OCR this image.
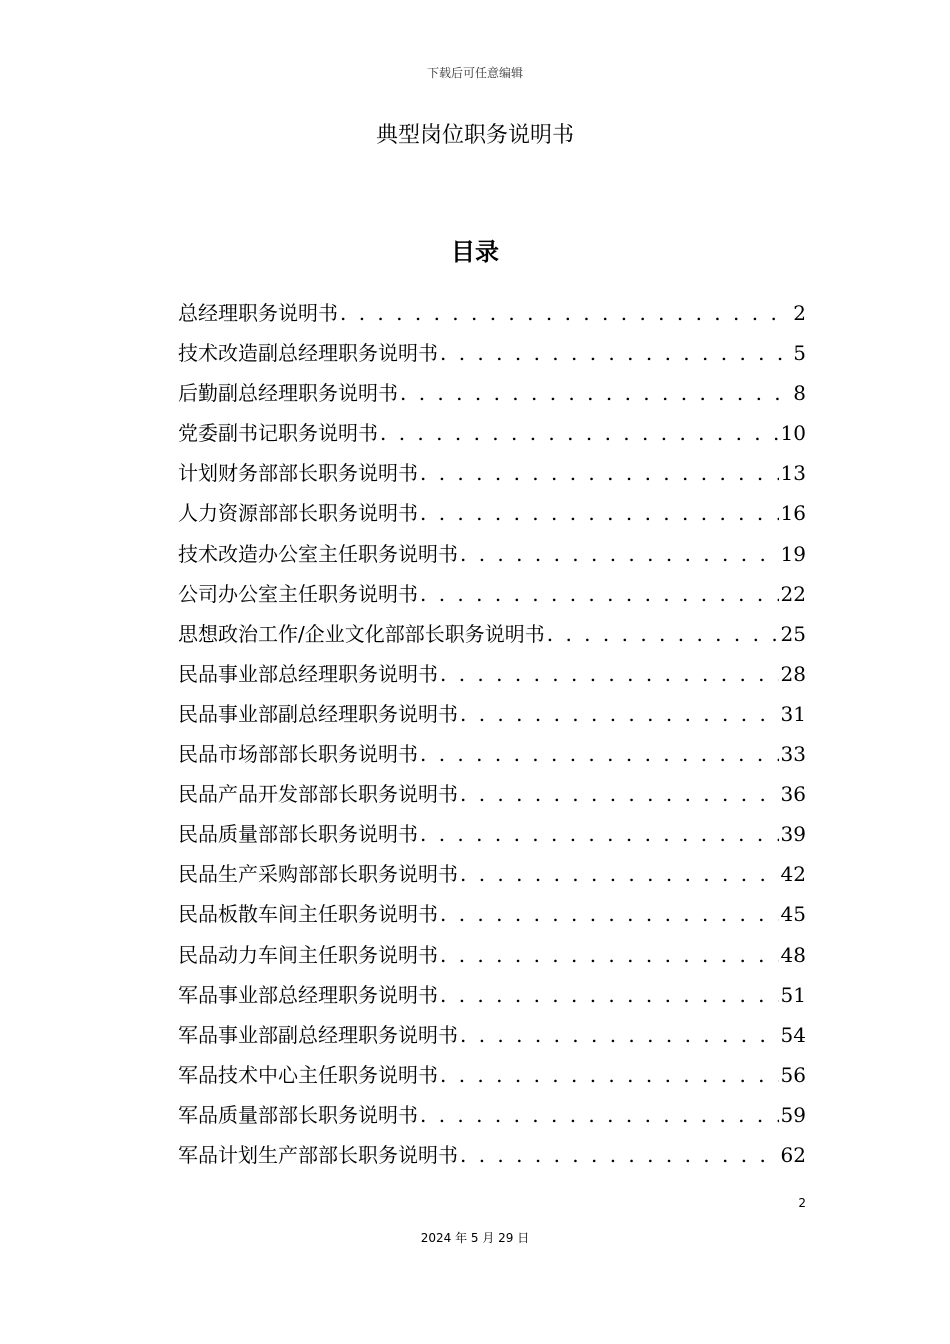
下载后可任意编辑
典型岗位职务说明书
目录
总经理职务说明书 . . .	2
技术改造副总经理职务说明书 . . .	5
后勤副总经理职务说明书 . . .	8
党委副书记职务说明书 . . .	10
计划财务部部长职务说明书 . . .	13
人力资源部部长职务说明书 . . .	16
技术改造办公室主任职务说明书 . . .	19
公司办公室主任职务说明书 . . .	22
思想政治工作/企业文化部部长职务说明书 . . .	25
民品事业部总经理职务说明书 . . .	28
民品事业部副总经理职务说明书 . . .	31
民品市场部部长职务说明书 . . .	33
民品产品开发部部长职务说明书 . . .	36
民品质量部部长职务说明书 . . .	39
民品生产采购部部长职务说明书 . . .	42
民品板散车间主任职务说明书 . . .	45
民品动力车间主任职务说明书 . . .	48
军品事业部总经理职务说明书 . . .	51
军品事业部副总经理职务说明书 . . .	54
军品技术中心主任职务说明书 . . .	56
军品质量部部长职务说明书 . . .	59
军品计划生产部部长职务说明书 . . .	62
2
2024 年 5 月 29 日
